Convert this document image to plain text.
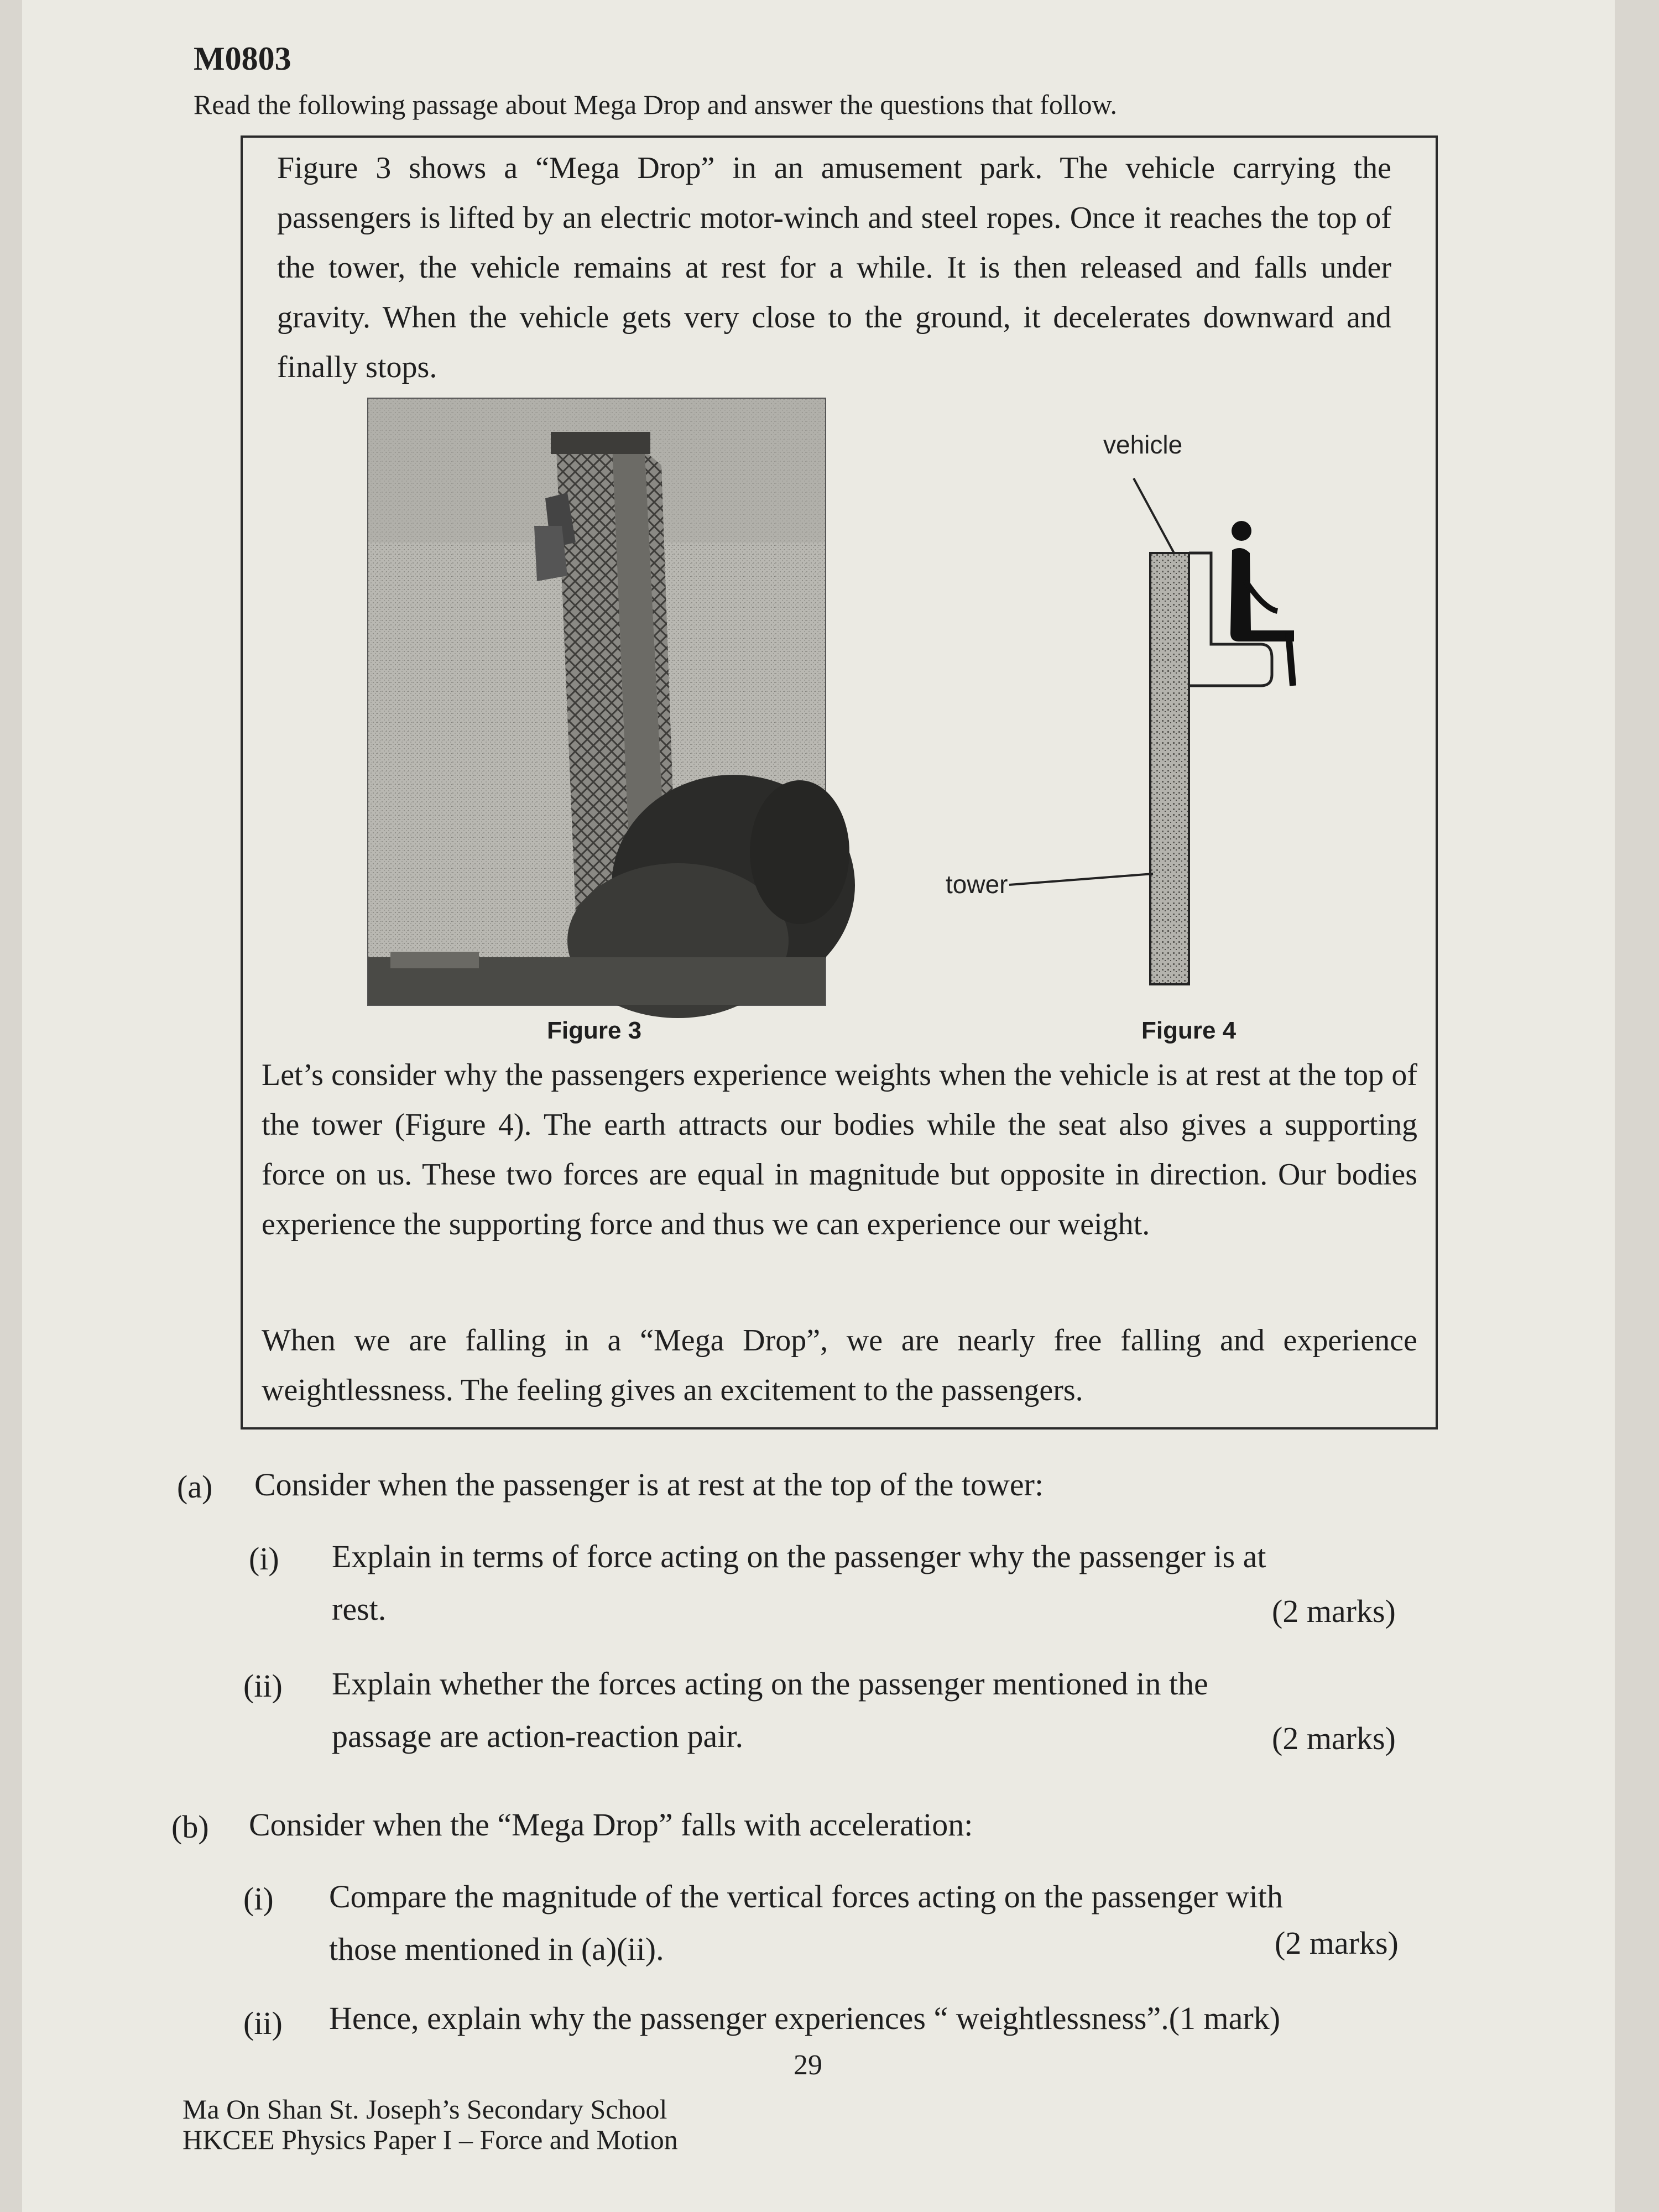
M0803
Read the following passage about Mega Drop and answer the questions that follow.
Figure 3 shows a “Mega Drop” in an amusement park. The vehicle carrying the passengers is lifted by an electric motor-winch and steel ropes. Once it reaches the top of the tower, the vehicle remains at rest for a while. It is then released and falls under gravity. When the vehicle gets very close to the ground, it decelerates downward and finally stops.
Figure 3	Figure 4
Let’s consider why the passengers experience weights when the vehicle is at rest at the top of the tower (Figure 4). The earth attracts our bodies while the seat also gives a supporting force on us. These two forces are equal in magnitude but opposite in direction. Our bodies experience the supporting force and thus we can experience our weight.
When we are falling in a “Mega Drop”, we are nearly free falling and experience weightlessness. The feeling gives an excitement to the passengers.
vehicle
tower
(a) Consider when the passenger is at rest at the top of the tower:
(i) Explain in terms of force acting on the passenger why the passenger is at
rest.	(2 marks)
(ii) Explain whether the forces acting on the passenger mentioned in the
passage are action-reaction pair.	(2 marks)
(b) Consider when the “Mega Drop” falls with acceleration:
(i) Compare the magnitude of the vertical forces acting on the passenger with
those mentioned in (a)(ii).	(2 marks)
(ii) Hence, explain why the passenger experiences “ weightlessness”.(1 mark)
29
Ma On Shan St. Joseph’s Secondary School
HKCEE Physics Paper I – Force and Motion
